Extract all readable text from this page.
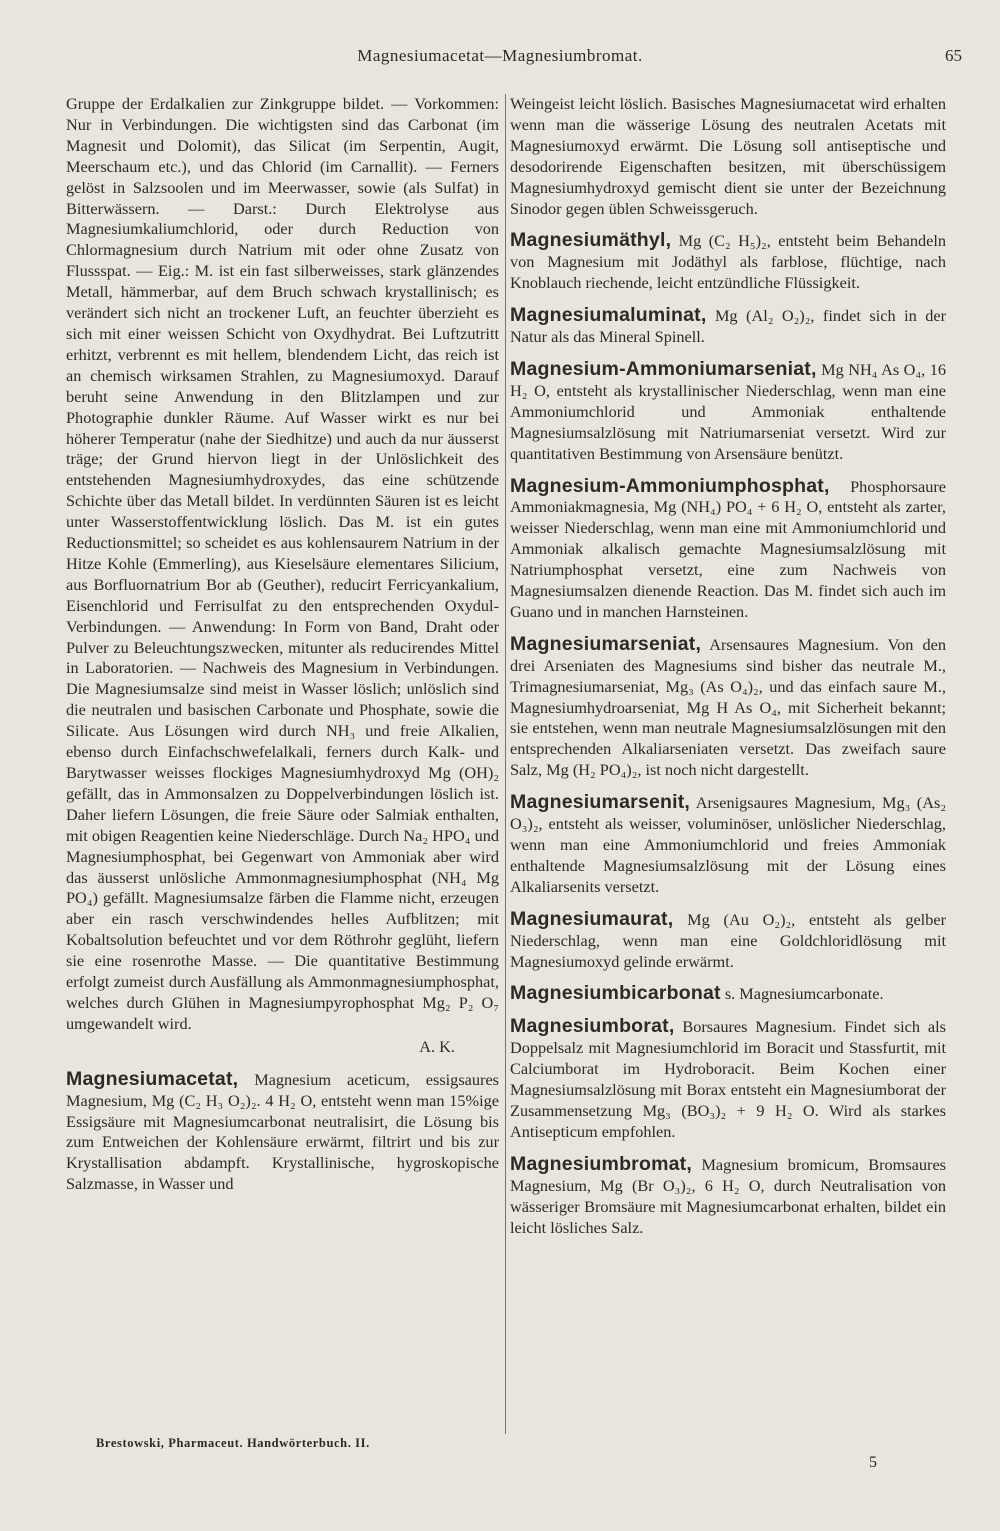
Magnesiumacetat—Magnesiumbromat.	65

Gruppe der Erdalkalien zur Zinkgruppe bildet. — Vorkommen: Nur in Verbindungen. Die wichtigsten sind das Carbonat (im Magnesit und Dolomit), das Silicat (im Serpentin, Augit, Meerschaum etc.), und das Chlorid (im Carnallit). — Ferners gelöst in Salzsoolen und im Meerwasser, sowie (als Sulfat) in Bitterwässern. — Darst.: Durch Elektrolyse aus Magnesiumkaliumchlorid, oder durch Reduction von Chlormagnesium durch Natrium mit oder ohne Zusatz von Flussspat. — Eig.: M. ist ein fast silberweisses, stark glänzendes Metall, hämmerbar, auf dem Bruch schwach krystallinisch; es verändert sich nicht an trockener Luft, an feuchter überzieht es sich mit einer weissen Schicht von Oxydhydrat. Bei Luftzutritt erhitzt, verbrennt es mit hellem, blendendem Licht, das reich ist an chemisch wirksamen Strahlen, zu Magnesiumoxyd. Darauf beruht seine Anwendung in den Blitzlampen und zur Photographie dunkler Räume. Auf Wasser wirkt es nur bei höherer Temperatur (nahe der Siedhitze) und auch da nur äusserst träge; der Grund hiervon liegt in der Unlöslichkeit des entstehenden Magnesiumhydroxydes, das eine schützende Schichte über das Metall bildet. In verdünnten Säuren ist es leicht unter Wasserstoffentwicklung löslich. Das M. ist ein gutes Reductionsmittel; so scheidet es aus kohlensaurem Natrium in der Hitze Kohle (Emmerling), aus Kieselsäure elementares Silicium, aus Borfluornatrium Bor ab (Geuther), reducirt Ferricyankalium, Eisenchlorid und Ferrisulfat zu den entsprechenden Oxydul-Verbindungen. — Anwendung: In Form von Band, Draht oder Pulver zu Beleuchtungszwecken, mitunter als reducirendes Mittel in Laboratorien. — Nachweis des Magnesium in Verbindungen. Die Magnesiumsalze sind meist in Wasser löslich; unlöslich sind die neutralen und basischen Carbonate und Phosphate, sowie die Silicate. Aus Lösungen wird durch NH₃ und freie Alkalien, ebenso durch Einfachschwefelalkali, ferners durch Kalk- und Barytwasser weisses flockiges Magnesiumhydroxyd Mg (OH)₂ gefällt, das in Ammonsalzen zu Doppelverbindungen löslich ist. Daher liefern Lösungen, die freie Säure oder Salmiak enthalten, mit obigen Reagentien keine Niederschläge. Durch Na₂ HPO₄ und Magnesiumphosphat, bei Gegenwart von Ammoniak aber wird das äusserst unlösliche Ammonmagnesiumphosphat (NH₄ Mg PO₄) gefällt. Magnesiumsalze färben die Flamme nicht, erzeugen aber ein rasch verschwindendes helles Aufblitzen; mit Kobaltsolution befeuchtet und vor dem Röthrohr geglüht, liefern sie eine rosenrothe Masse. — Die quantitative Bestimmung erfolgt zumeist durch Ausfällung als Ammonmagnesiumphosphat, welches durch Glühen in Magnesiumpyrophosphat Mg₂ P₂ O₇ umgewandelt wird.

A. K.
Magnesiumacetat, Magnesium aceticum, essigsaures Magnesium, Mg (C₂ H₃ O₂)₂. 4 H₂ O, entsteht wenn man 15%ige Essigsäure mit Magnesiumcarbonat neutralisirt, die Lösung bis zum Entweichen der Kohlensäure erwärmt, filtrirt und bis zur Krystallisation abdampft. Krystallinische, hygroskopische Salzmasse, in Wasser und

Weingeist leicht löslich. Basisches Magnesiumacetat wird erhalten wenn man die wässerige Lösung des neutralen Acetats mit Magnesiumoxyd erwärmt. Die Lösung soll antiseptische und desodorirende Eigenschaften besitzen, mit überschüssigem Magnesiumhydroxyd gemischt dient sie unter der Bezeichnung Sinodor gegen üblen Schweissgeruch.

Magnesiumäthyl, Mg (C₂ H₅)₂, entsteht beim Behandeln von Magnesium mit Jodäthyl als farblose, flüchtige, nach Knoblauch riechende, leicht entzündliche Flüssigkeit.
Magnesiumaluminat, Mg (Al₂ O₂)₂, findet sich in der Natur als das Mineral Spinell.
Magnesium-Ammoniumarseniat, Mg NH₄ As O₄, 16 H₂ O, entsteht als krystallinischer Niederschlag, wenn man eine Ammoniumchlorid und Ammoniak enthaltende Magnesiumsalzlösung mit Natriumarseniat versetzt. Wird zur quantitativen Bestimmung von Arsensäure benützt.
Magnesium-Ammoniumphosphat, Phosphorsaure Ammoniakmagnesia, Mg (NH₄) PO₄ + 6 H₂ O, entsteht als zarter, weisser Niederschlag, wenn man eine mit Ammoniumchlorid und Ammoniak alkalisch gemachte Magnesiumsalzlösung mit Natriumphosphat versetzt, eine zum Nachweis von Magnesiumsalzen dienende Reaction. Das M. findet sich auch im Guano und in manchen Harnsteinen.
Magnesiumarseniat, Arsensaures Magnesium. Von den drei Arseniaten des Magnesiums sind bisher das neutrale M., Trimagnesiumarseniat, Mg₃ (As O₄)₂, und das einfach saure M., Magnesiumhydroarseniat, Mg H As O₄, mit Sicherheit bekannt; sie entstehen, wenn man neutrale Magnesiumsalzlösungen mit den entsprechenden Alkaliarseniaten versetzt. Das zweifach saure Salz, Mg (H₂ PO₄)₂, ist noch nicht dargestellt.
Magnesiumarsenit, Arsenigsaures Magnesium, Mg₃ (As₂ O₃)₂, entsteht als weisser, voluminöser, unlöslicher Niederschlag, wenn man eine Ammoniumchlorid und freies Ammoniak enthaltende Magnesiumsalzlösung mit der Lösung eines Alkaliarsenits versetzt.
Magnesiumaurat, Mg (Au O₂)₂, entsteht als gelber Niederschlag, wenn man eine Goldchloridlösung mit Magnesiumoxyd gelinde erwärmt.
Magnesiumbicarbonat s. Magnesiumcarbonate.
Magnesiumborat, Borsaures Magnesium. Findet sich als Doppelsalz mit Magnesiumchlorid im Boracit und Stassfurtit, mit Calciumborat im Hydroboracit. Beim Kochen einer Magnesiumsalzlösung mit Borax entsteht ein Magnesiumborat der Zusammensetzung Mg₃ (BO₃)₂ + 9 H₂ O. Wird als starkes Antisepticum empfohlen.
Magnesiumbromat, Magnesium bromicum, Bromsaures Magnesium, Mg (Br O₃)₂, 6 H₂ O, durch Neutralisation von wässeriger Bromsäure mit Magnesiumcarbonat erhalten, bildet ein leicht lösliches Salz.
Brestowski, Pharmaceut. Handwörterbuch. II.
5
